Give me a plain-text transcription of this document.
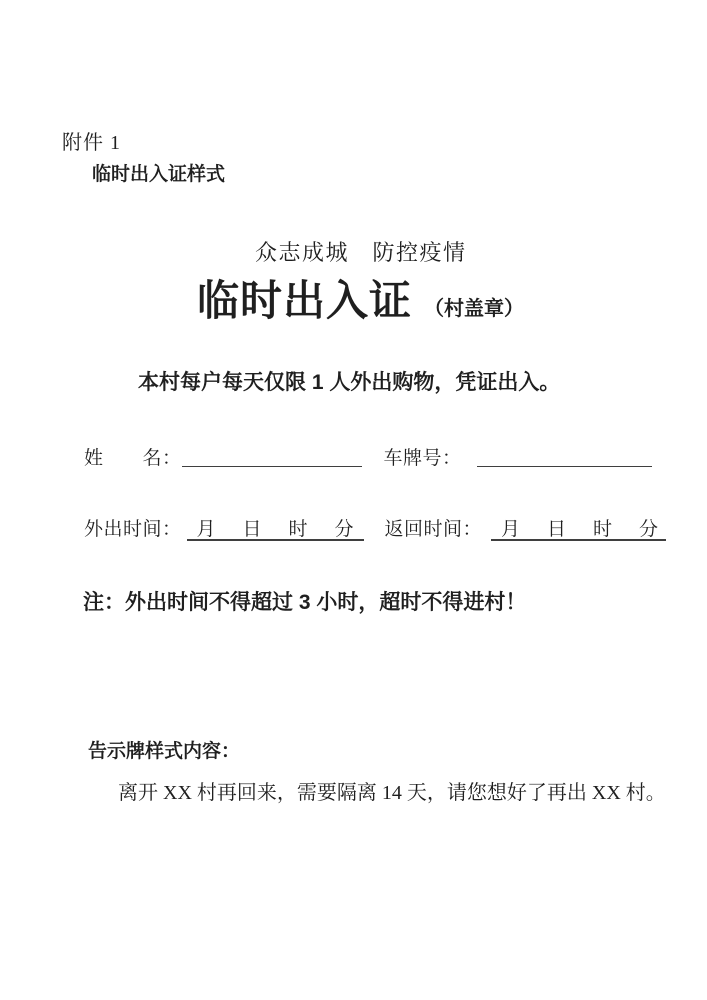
附件 1
临时出入证样式
众志成城　防控疫情
临时出入证 （村盖章）
本村每户每天仅限 1 人外出购物，凭证出入。
姓　　名：	车牌号：
外出时间： 月　日　时　分	返回时间：	月　日　时　分
注：外出时间不得超过 3 小时，超时不得进村！
告示牌样式内容：
离开 XX 村再回来，需要隔离 14 天，请您想好了再出 XX 村。
